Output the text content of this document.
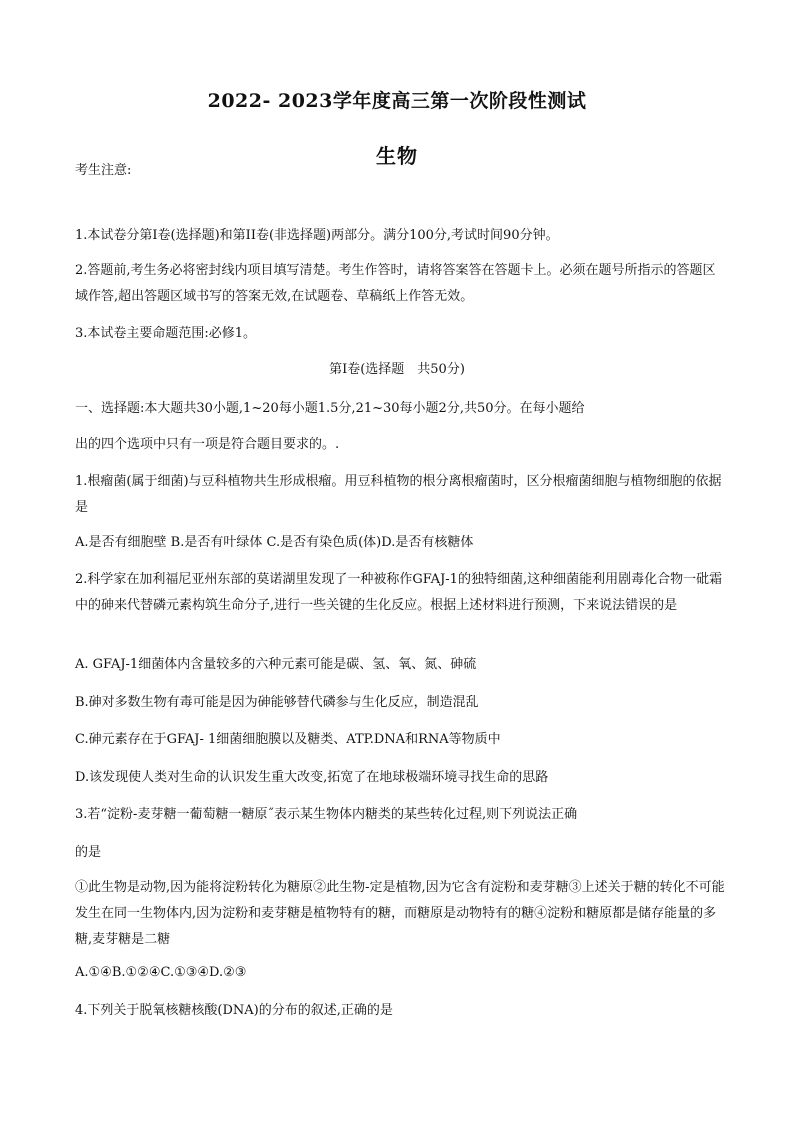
2022- 2023学年度高三第一次阶段性测试
生物
考生注意:
1.本试卷分第Ⅰ卷(选择题)和第II卷(非选择题)两部分。满分100分,考试时间90分钟。
2.答题前,考生务必将密封线内项目填写清楚。考生作答时，请将答案答在答题卡上。必须在题号所指示的答题区域作答,超出答题区域书写的答案无效,在试题卷、草稿纸上作答无效。
3.本试卷主要命题范围:必修1。
第Ⅰ卷(选择题　共50分)
一、选择题:本大题共30小题,1~20每小题1.5分,21~30每小题2分,共50分。在每小题给
出的四个选项中只有一项是符合题目要求的。.
1.根瘤菌(属于细菌)与豆科植物共生形成根瘤。用豆科植物的根分离根瘤菌时，区分根瘤菌细胞与植物细胞的依据是
A.是否有细胞壁 B.是否有叶绿体 C.是否有染色质(体)D.是否有核糖体
2.科学家在加利福尼亚州东部的莫诺湖里发现了一种被称作GFAJ-1的独特细菌,这种细菌能利用剧毒化合物一砒霜中的砷来代替磷元素构筑生命分子,进行一些关键的生化反应。根据上述材料进行预测，下来说法错误的是
A. GFAJ-1细菌体内含量较多的六种元素可能是碳、氢、氧、氮、砷硫
B.砷对多数生物有毒可能是因为砷能够替代磷参与生化反应，制造混乱
C.砷元素存在于GFAJ- 1细菌细胞膜以及糖类、ATP.DNA和RNA等物质中
D.该发现使人类对生命的认识发生重大改变,拓宽了在地球极端环境寻找生命的思路
3.若“淀粉-麦芽糖一葡萄糖一糖原˝表示某生物体内糖类的某些转化过程,则下列说法正确
的是
①此生物是动物,因为能将淀粉转化为糖原②此生物-定是植物,因为它含有淀粉和麦芽糖③上述关于糖的转化不可能发生在同一生物体内,因为淀粉和麦芽糖是植物特有的糖，而糖原是动物特有的糖④淀粉和糖原都是储存能量的多糖,麦芽糖是二糖
A.①④B.①②④C.①③④D.②③
4.下列关于脱氧核糖核酸(DNA)的分布的叙述,正确的是
